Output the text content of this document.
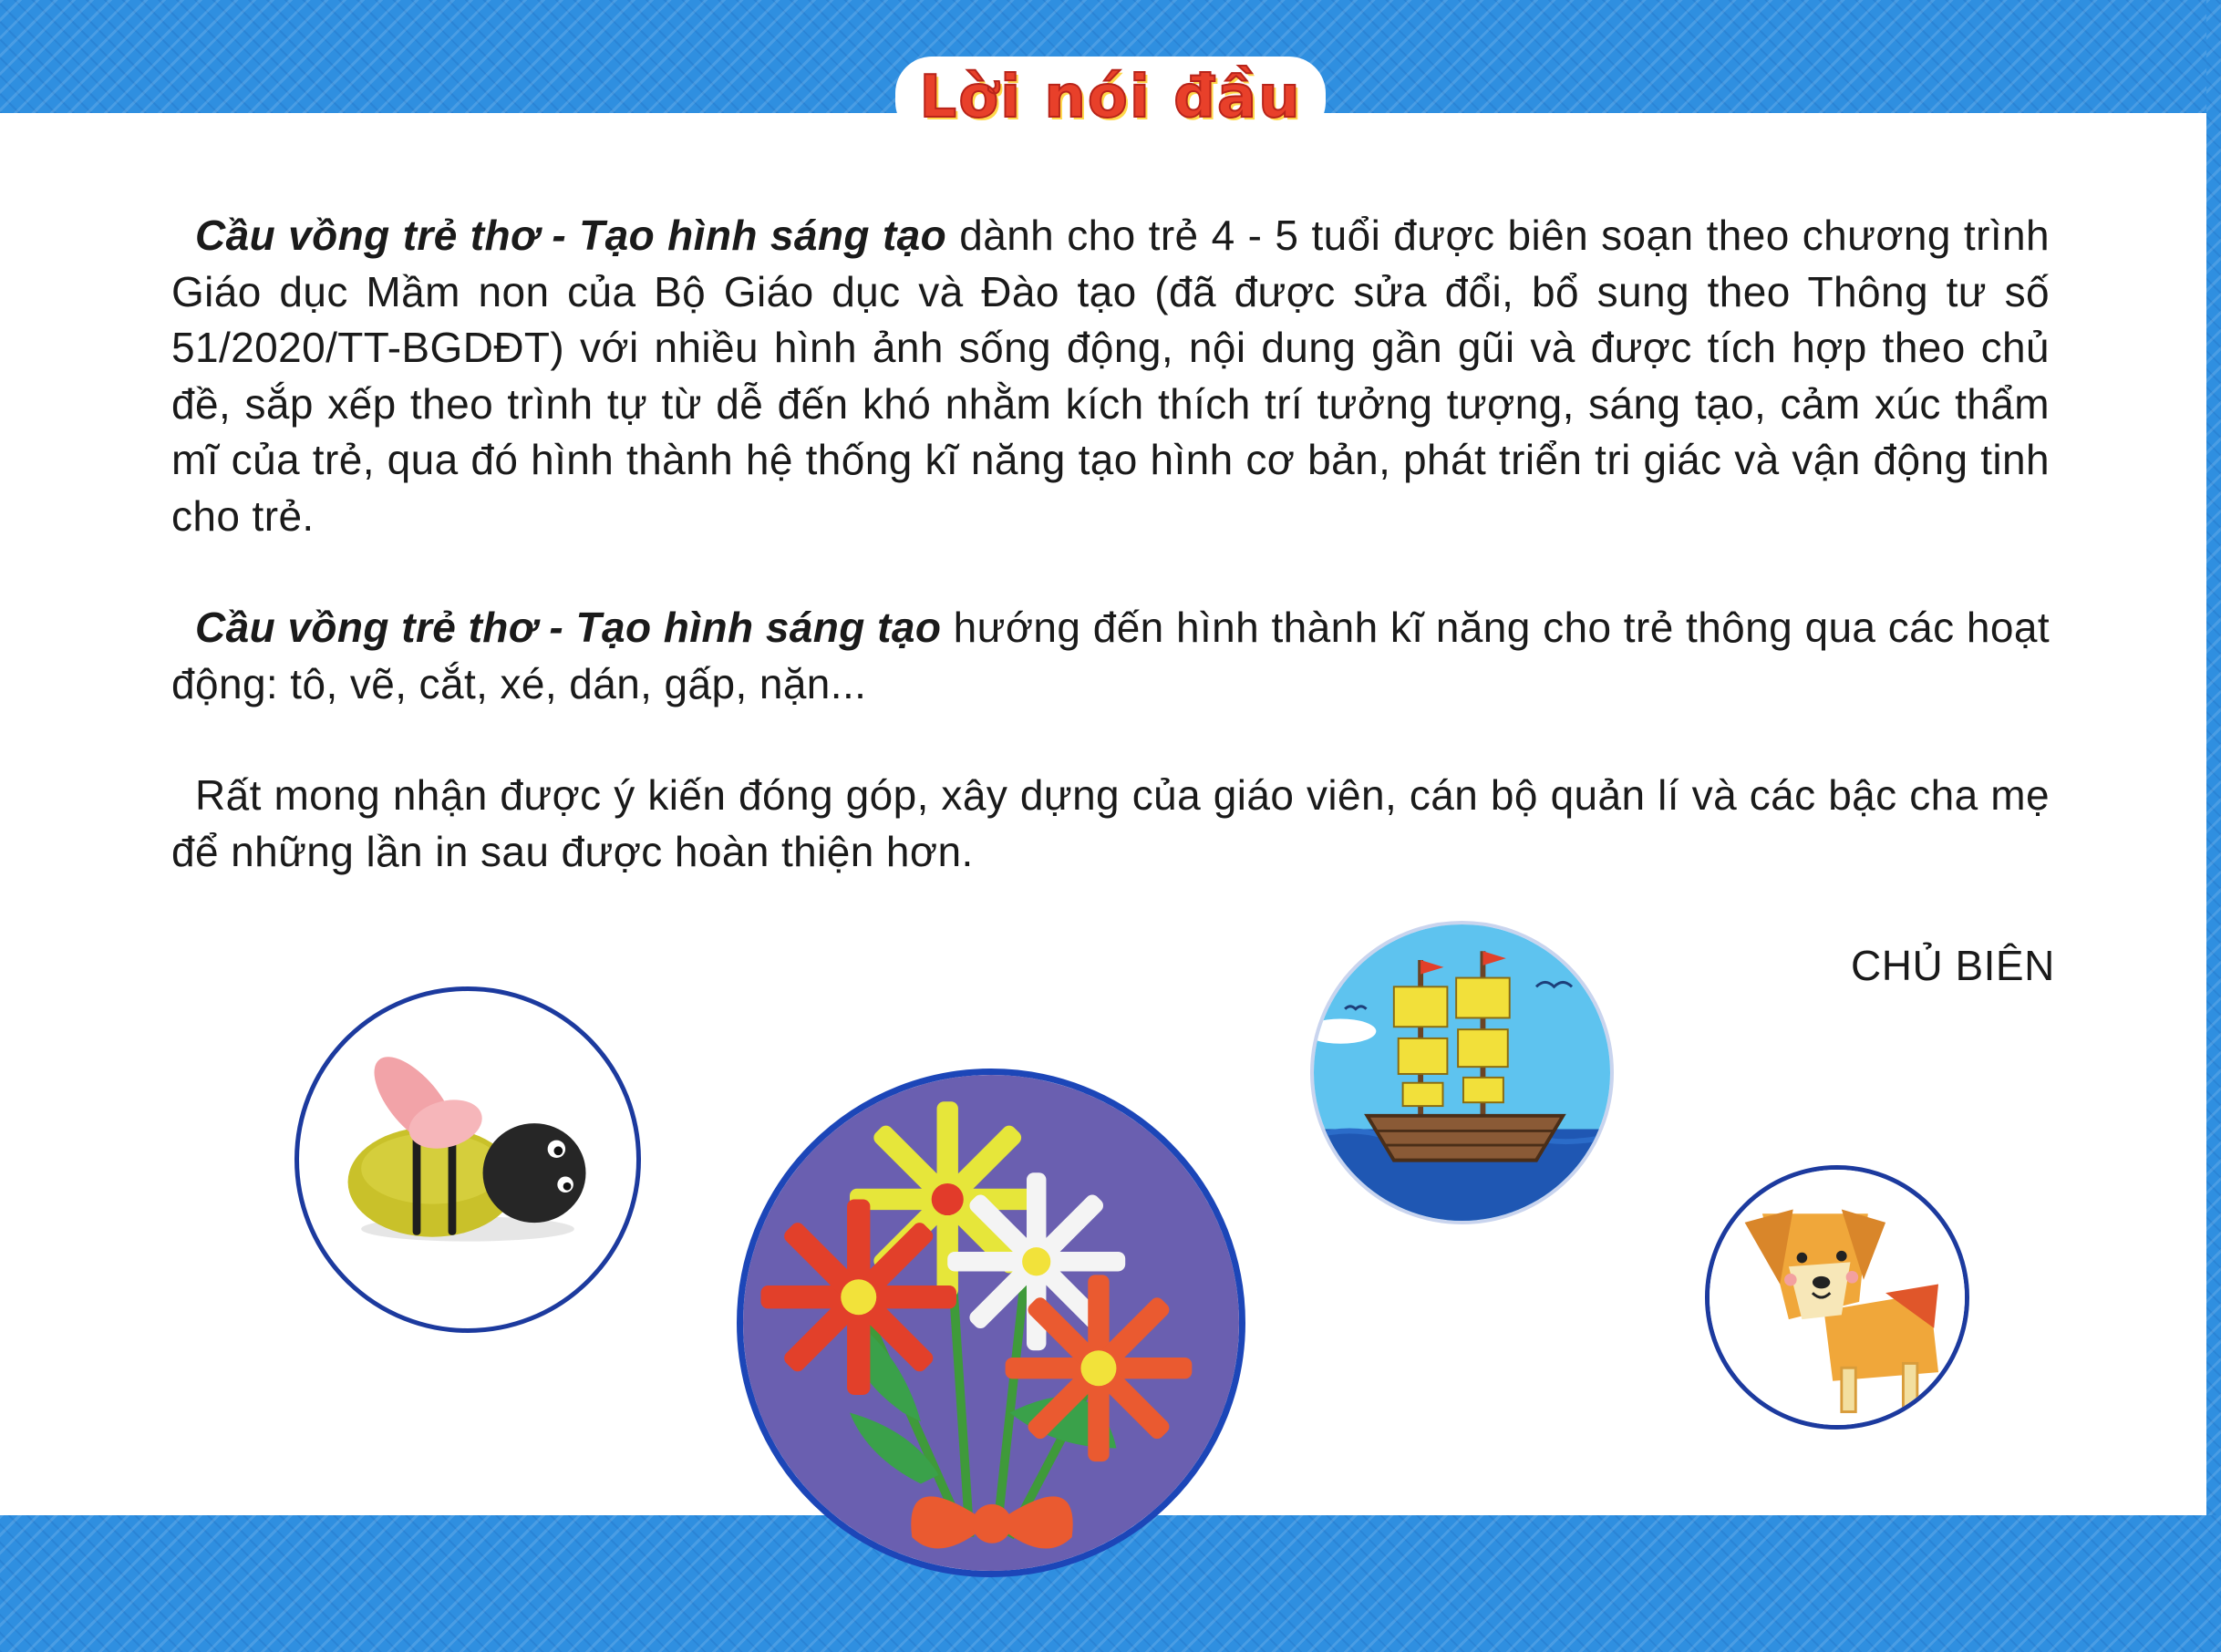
Lời nói đầu

Cầu vồng trẻ thơ - Tạo hình sáng tạo dành cho trẻ 4 - 5 tuổi được biên soạn theo chương trình Giáo dục Mầm non của Bộ Giáo dục và Đào tạo (đã được sửa đổi, bổ sung theo Thông tư số 51/2020/TT-BGDĐT) với nhiều hình ảnh sống động, nội dung gần gũi và được tích hợp theo chủ đề, sắp xếp theo trình tự từ dễ đến khó nhằm kích thích trí tưởng tượng, sáng tạo, cảm xúc thẩm mĩ của trẻ, qua đó hình thành hệ thống kĩ năng tạo hình cơ bản, phát triển tri giác và vận động tinh cho trẻ.

Cầu vồng trẻ thơ - Tạo hình sáng tạo hướng đến hình thành kĩ năng cho trẻ thông qua các hoạt động: tô, vẽ, cắt, xé, dán, gấp, nặn...

Rất mong nhận được ý kiến đóng góp, xây dựng của giáo viên, cán bộ quản lí và các bậc cha mẹ để những lần in sau được hoàn thiện hơn.

CHỦ BIÊN
